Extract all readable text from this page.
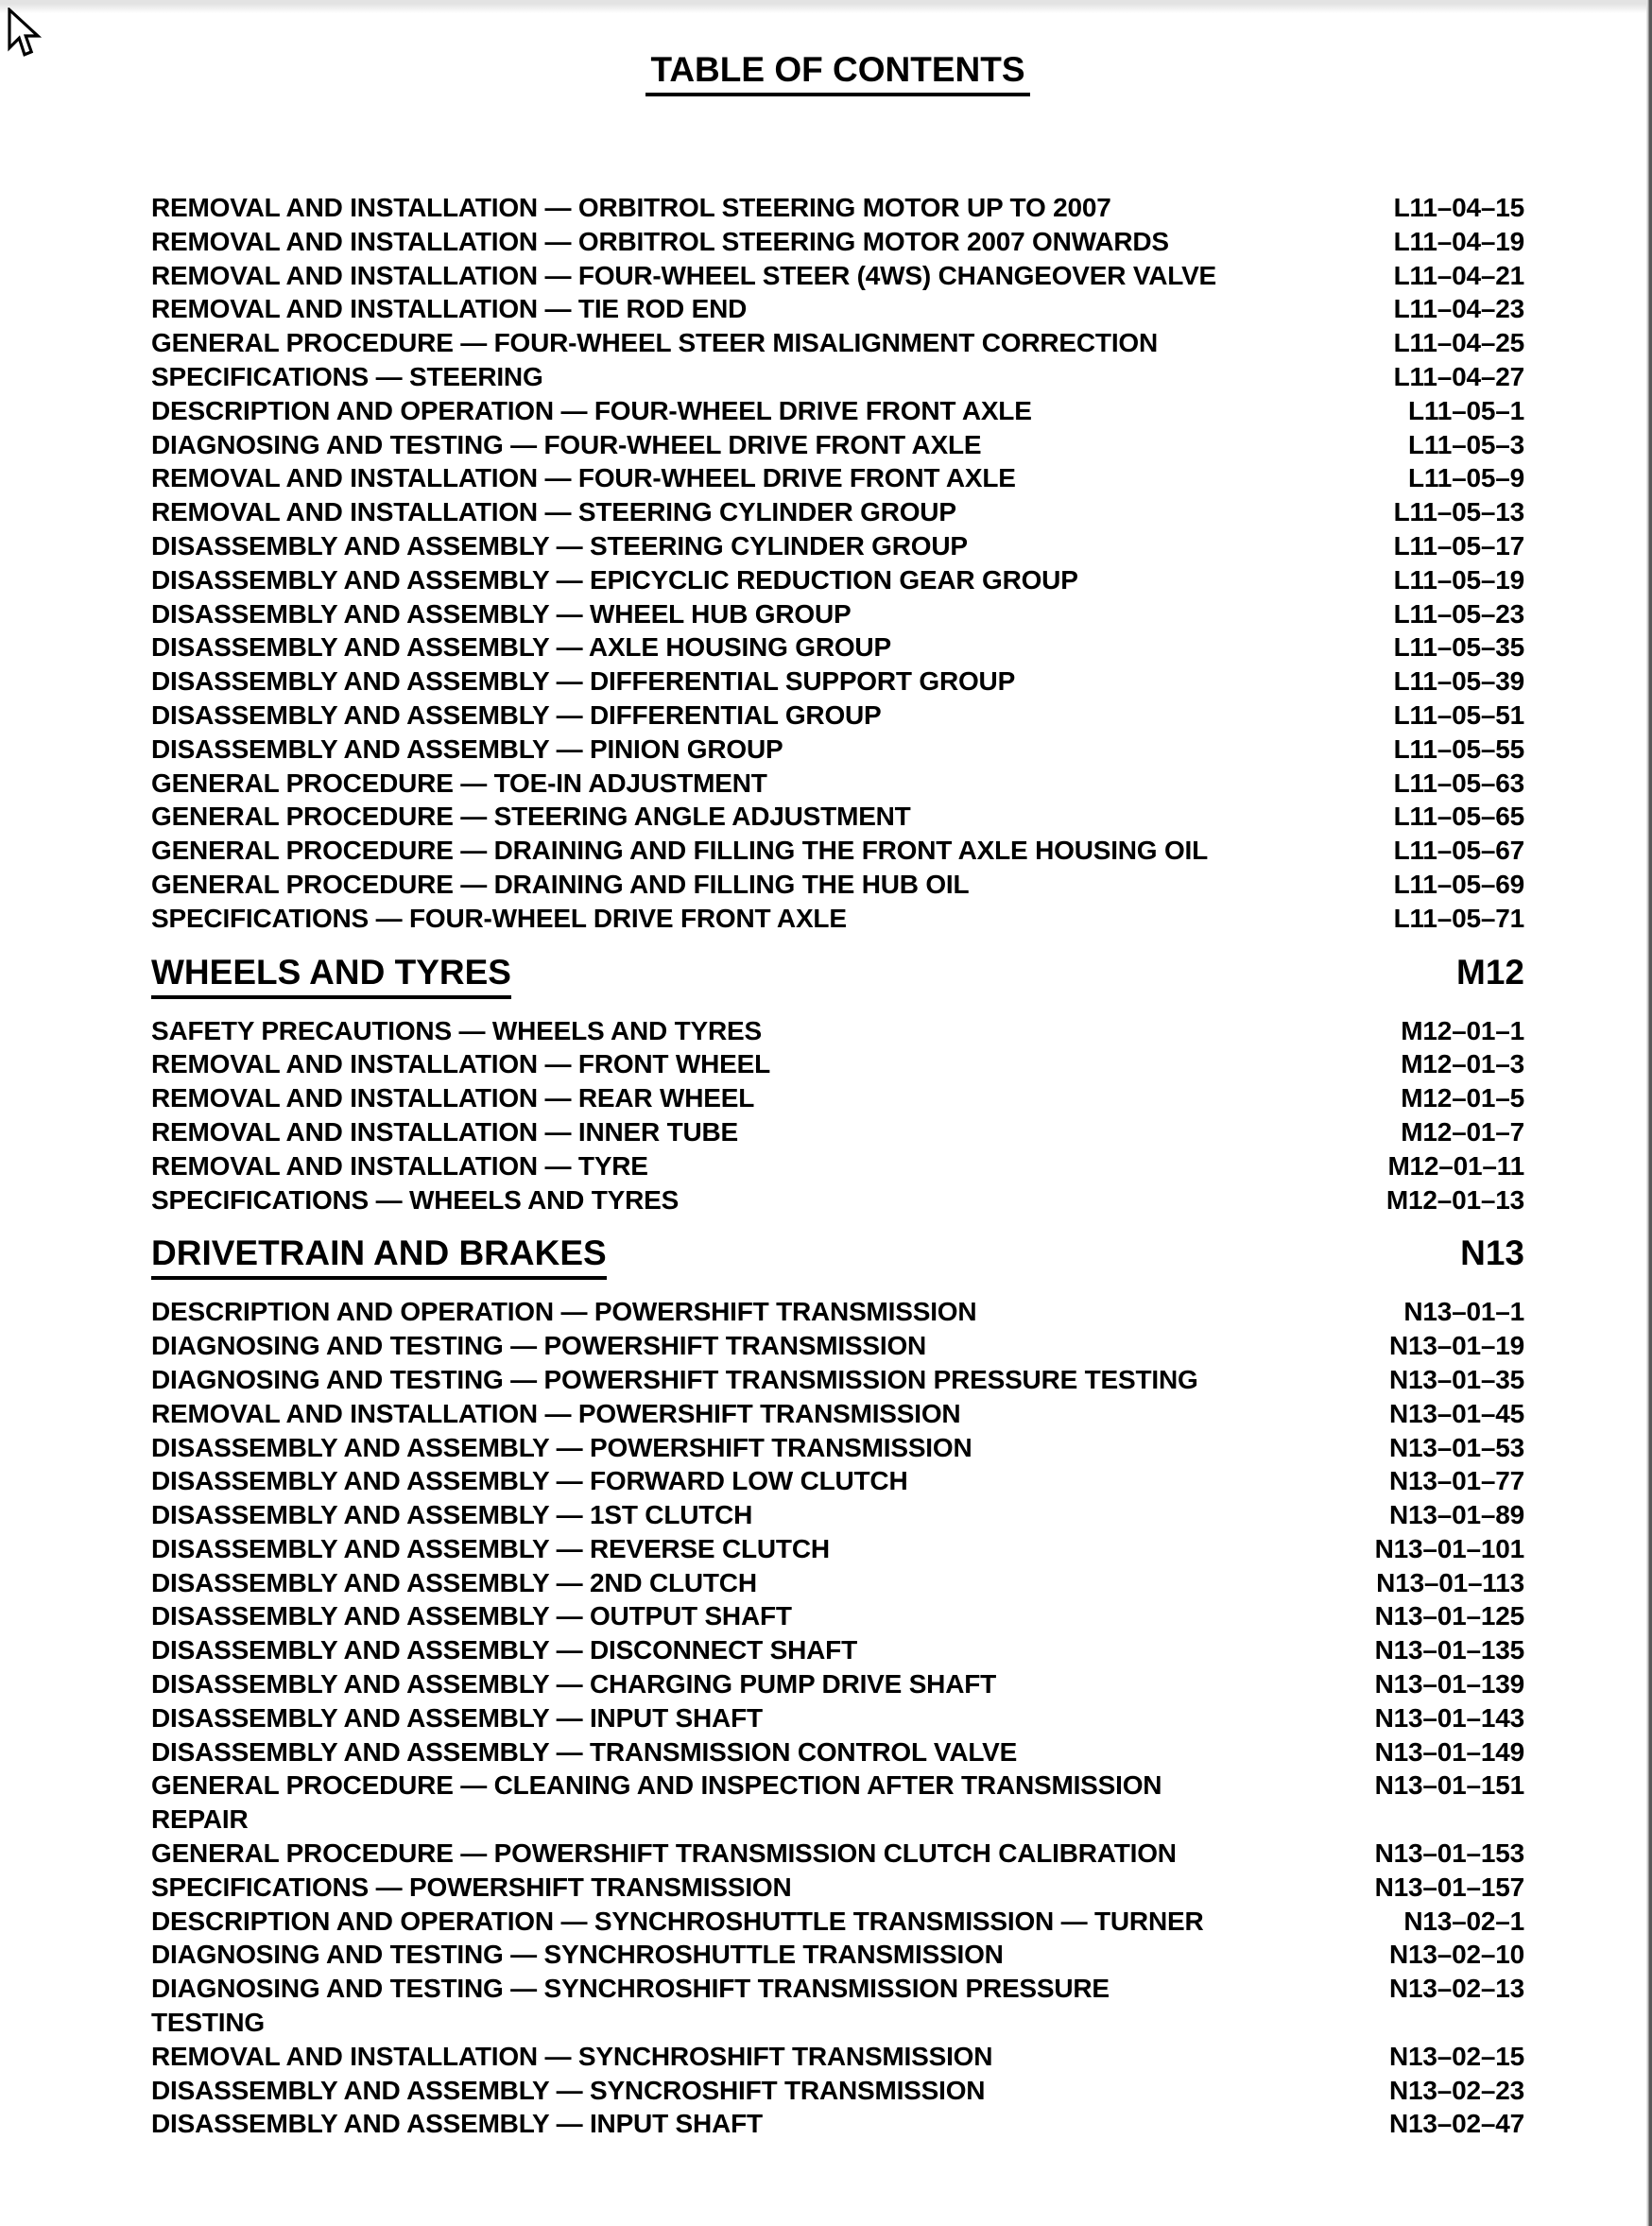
TABLE OF CONTENTS
REMOVAL AND INSTALLATION — ORBITROL STEERING MOTOR UP TO 2007	L11–04–15
REMOVAL AND INSTALLATION — ORBITROL STEERING MOTOR 2007 ONWARDS	L11–04–19
REMOVAL AND INSTALLATION — FOUR-WHEEL STEER (4WS) CHANGEOVER VALVE	L11–04–21
REMOVAL AND INSTALLATION — TIE ROD END	L11–04–23
GENERAL PROCEDURE — FOUR-WHEEL STEER MISALIGNMENT CORRECTION	L11–04–25
SPECIFICATIONS — STEERING	L11–04–27
DESCRIPTION AND OPERATION — FOUR-WHEEL DRIVE FRONT AXLE	L11–05–1
DIAGNOSING AND TESTING — FOUR-WHEEL DRIVE FRONT AXLE	L11–05–3
REMOVAL AND INSTALLATION — FOUR-WHEEL DRIVE FRONT AXLE	L11–05–9
REMOVAL AND INSTALLATION — STEERING CYLINDER GROUP	L11–05–13
DISASSEMBLY AND ASSEMBLY — STEERING CYLINDER GROUP	L11–05–17
DISASSEMBLY AND ASSEMBLY — EPICYCLIC REDUCTION GEAR GROUP	L11–05–19
DISASSEMBLY AND ASSEMBLY — WHEEL HUB GROUP	L11–05–23
DISASSEMBLY AND ASSEMBLY — AXLE HOUSING GROUP	L11–05–35
DISASSEMBLY AND ASSEMBLY — DIFFERENTIAL SUPPORT GROUP	L11–05–39
DISASSEMBLY AND ASSEMBLY — DIFFERENTIAL GROUP	L11–05–51
DISASSEMBLY AND ASSEMBLY — PINION GROUP	L11–05–55
GENERAL PROCEDURE — TOE-IN ADJUSTMENT	L11–05–63
GENERAL PROCEDURE — STEERING ANGLE ADJUSTMENT	L11–05–65
GENERAL PROCEDURE — DRAINING AND FILLING THE FRONT AXLE HOUSING OIL	L11–05–67
GENERAL PROCEDURE — DRAINING AND FILLING THE HUB OIL	L11–05–69
SPECIFICATIONS — FOUR-WHEEL DRIVE FRONT AXLE	L11–05–71
WHEELS AND TYRES	M12
SAFETY PRECAUTIONS — WHEELS AND TYRES	M12–01–1
REMOVAL AND INSTALLATION — FRONT WHEEL	M12–01–3
REMOVAL AND INSTALLATION — REAR WHEEL	M12–01–5
REMOVAL AND INSTALLATION — INNER TUBE	M12–01–7
REMOVAL AND INSTALLATION — TYRE	M12–01–11
SPECIFICATIONS — WHEELS AND TYRES	M12–01–13
DRIVETRAIN AND BRAKES	N13
DESCRIPTION AND OPERATION — POWERSHIFT TRANSMISSION	N13–01–1
DIAGNOSING AND TESTING — POWERSHIFT TRANSMISSION	N13–01–19
DIAGNOSING AND TESTING — POWERSHIFT TRANSMISSION PRESSURE TESTING	N13–01–35
REMOVAL AND INSTALLATION — POWERSHIFT TRANSMISSION	N13–01–45
DISASSEMBLY AND ASSEMBLY — POWERSHIFT TRANSMISSION	N13–01–53
DISASSEMBLY AND ASSEMBLY — FORWARD LOW CLUTCH	N13–01–77
DISASSEMBLY AND ASSEMBLY — 1ST CLUTCH	N13–01–89
DISASSEMBLY AND ASSEMBLY — REVERSE CLUTCH	N13–01–101
DISASSEMBLY AND ASSEMBLY — 2ND CLUTCH	N13–01–113
DISASSEMBLY AND ASSEMBLY — OUTPUT SHAFT	N13–01–125
DISASSEMBLY AND ASSEMBLY — DISCONNECT SHAFT	N13–01–135
DISASSEMBLY AND ASSEMBLY — CHARGING PUMP DRIVE SHAFT	N13–01–139
DISASSEMBLY AND ASSEMBLY — INPUT SHAFT	N13–01–143
DISASSEMBLY AND ASSEMBLY — TRANSMISSION CONTROL VALVE	N13–01–149
GENERAL PROCEDURE — CLEANING AND INSPECTION AFTER TRANSMISSION	N13–01–151
REPAIR
GENERAL PROCEDURE — POWERSHIFT TRANSMISSION CLUTCH CALIBRATION	N13–01–153
SPECIFICATIONS — POWERSHIFT TRANSMISSION	N13–01–157
DESCRIPTION AND OPERATION — SYNCHROSHUTTLE TRANSMISSION — TURNER	N13–02–1
DIAGNOSING AND TESTING — SYNCHROSHUTTLE TRANSMISSION	N13–02–10
DIAGNOSING AND TESTING — SYNCHROSHIFT TRANSMISSION PRESSURE	N13–02–13
TESTING
REMOVAL AND INSTALLATION — SYNCHROSHIFT TRANSMISSION	N13–02–15
DISASSEMBLY AND ASSEMBLY — SYNCROSHIFT TRANSMISSION	N13–02–23
DISASSEMBLY AND ASSEMBLY — INPUT SHAFT	N13–02–47
